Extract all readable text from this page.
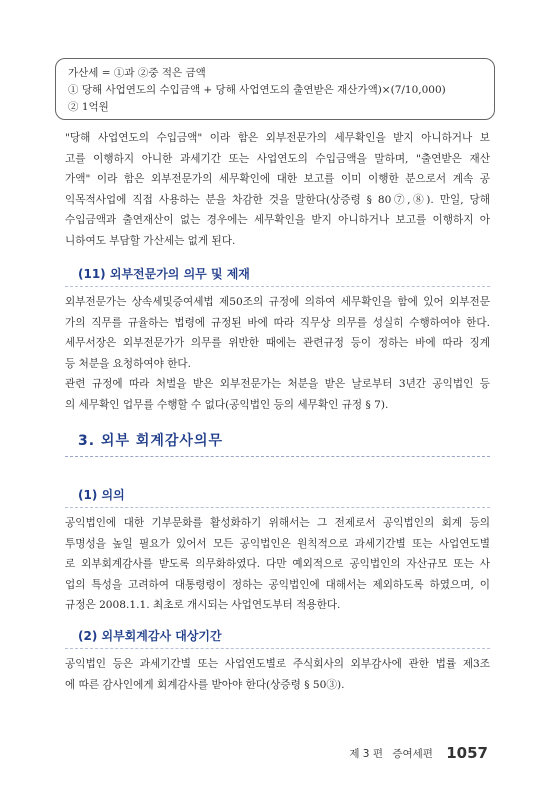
가산세 = ①과 ②중 적은 금액
① 당해 사업연도의 수입금액 + 당해 사업연도의 출연받은 재산가액)×(7/10,000)
② 1억원
"당해 사업연도의 수입금액" 이라 함은 외부전문가의 세무확인을 받지 아니하거나 보
고를 이행하지 아니한 과세기간 또는 사업연도의 수입금액을 말하며, "출연받은 재산
가액" 이라 함은 외부전문가의 세무확인에 대한 보고를 이미 이행한 분으로서 계속 공
익목적사업에 직접 사용하는 분을 차감한 것을 말한다(상증령 § 80⑦,⑧). 만일, 당해
수입금액과 출연재산이 없는 경우에는 세무확인을 받지 아니하거나 보고를 이행하지 아
니하여도 부담할 가산세는 없게 된다.
(11) 외부전문가의 의무 및 제재
외부전문가는 상속세및증여세법 제50조의 규정에 의하여 세무확인을 함에 있어 외부전문
가의 직무를 규율하는 법령에 규정된 바에 따라 직무상 의무를 성실히 수행하여야 한다.
세무서장은 외부전문가가 의무를 위반한 때에는 관련규정 등이 정하는 바에 따라 징계
등 처분을 요청하여야 한다.
관련 규정에 따라 처벌을 받은 외부전문가는 처분을 받은 날로부터 3년간 공익법인 등
의 세무확인 업무를 수행할 수 없다(공익법인 등의 세무확인 규정 § 7).
3. 외부 회계감사의무
(1) 의의
공익법인에 대한 기부문화를 활성화하기 위해서는 그 전제로서 공익법인의 회계 등의
투명성을 높일 필요가 있어서 모든 공익법인은 원칙적으로 과세기간별 또는 사업연도별
로 외부회계감사를 받도록 의무화하였다. 다만 예외적으로 공익법인의 자산규모 또는 사
업의 특성을 고려하여 대통령령이 정하는 공익법인에 대해서는 제외하도록 하였으며, 이
규정은 2008.1.1. 최초로 개시되는 사업연도부터 적용한다.
(2) 외부회계감사 대상기간
공익법인 등은 과세기간별 또는 사업연도별로 주식회사의 외부감사에 관한 법률 제3조
에 따른 감사인에게 회계감사를 받아야 한다(상증령 § 50③).
제 3 편 증여세편 1057
